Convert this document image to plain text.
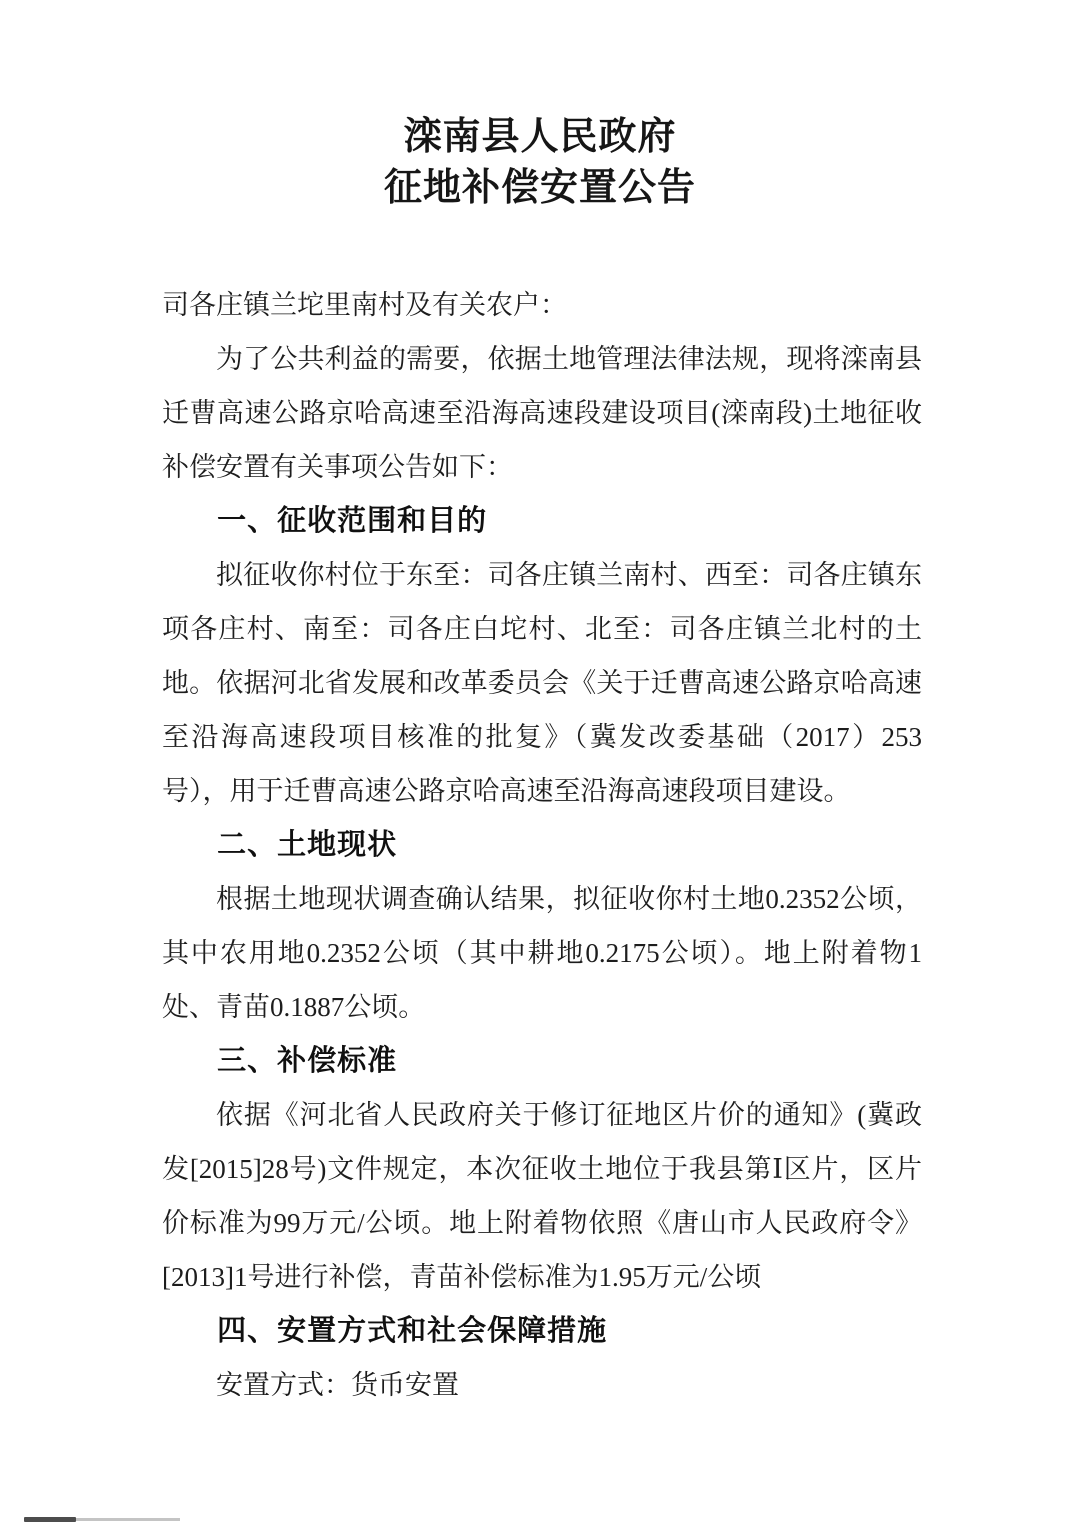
滦南县人民政府
征地补偿安置公告

司各庄镇兰坨里南村及有关农户：

为了公共利益的需要，依据土地管理法律法规，现将滦南县迁曹高速公路京哈高速至沿海高速段建设项目(滦南段)土地征收补偿安置有关事项公告如下：

一、征收范围和目的

拟征收你村位于东至：司各庄镇兰南村、西至：司各庄镇东项各庄村、南至：司各庄白坨村、北至：司各庄镇兰北村的土地。依据河北省发展和改革委员会《关于迁曹高速公路京哈高速至沿海高速段项目核准的批复》（冀发改委基础（2017）253号），用于迁曹高速公路京哈高速至沿海高速段项目建设。

二、土地现状

根据土地现状调查确认结果，拟征收你村土地0.2352公顷，其中农用地0.2352公顷（其中耕地0.2175公顷）。地上附着物1处、青苗0.1887公顷。

三、补偿标准

依据《河北省人民政府关于修订征地区片价的通知》(冀政发[2015]28号)文件规定，本次征收土地位于我县第Ⅰ区片，区片价标准为99万元/公顷。地上附着物依照《唐山市人民政府令》[2013]1号进行补偿，青苗补偿标准为1.95万元/公顷

四、安置方式和社会保障措施

安置方式：货币安置
